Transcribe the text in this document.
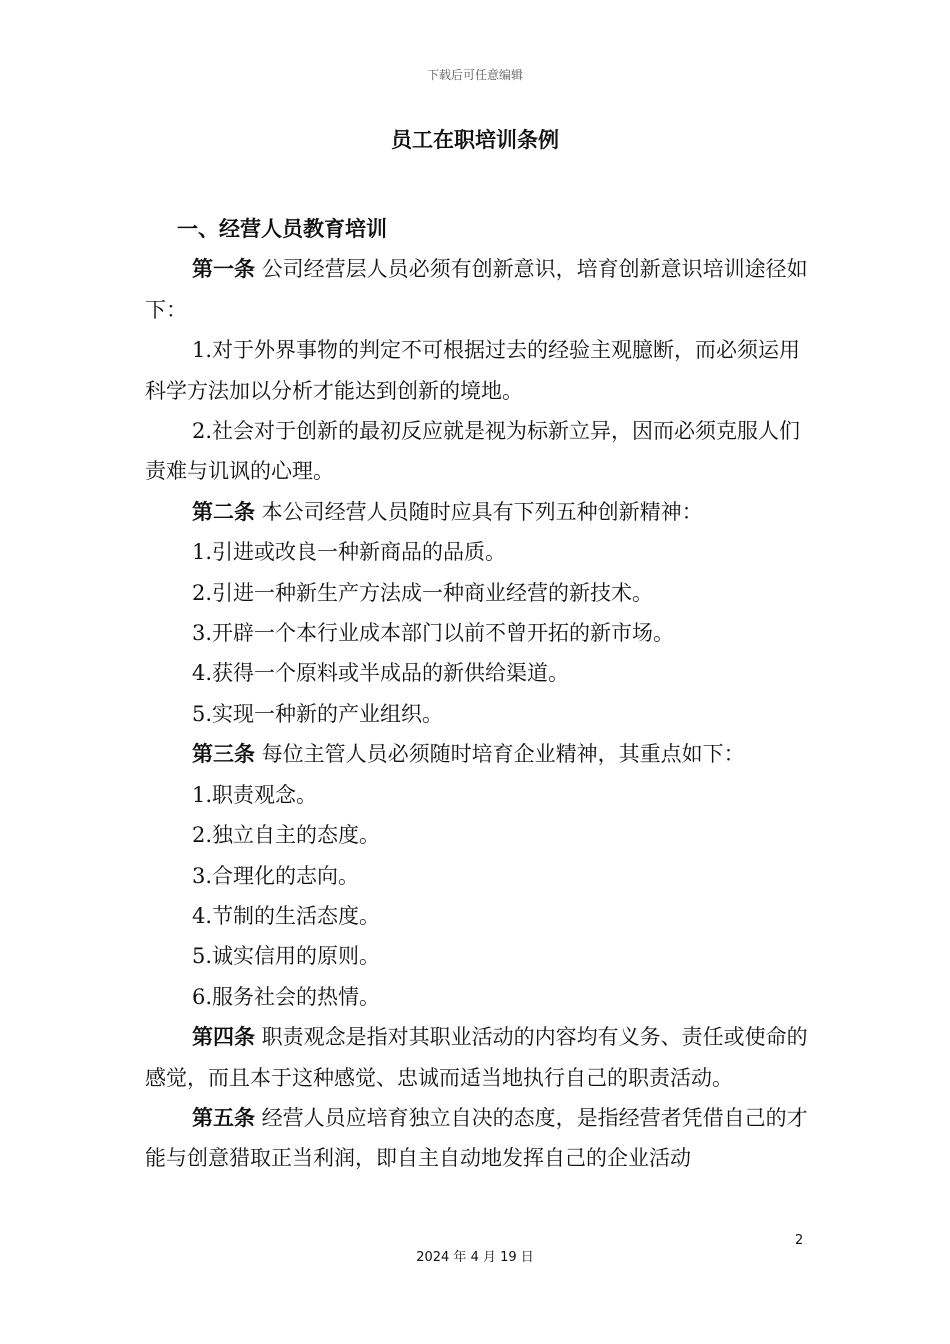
下载后可任意编辑
员工在职培训条例

一、经营人员教育培训

第一条 公司经营层人员必须有创新意识，培育创新意识培训途径如下：

1.对于外界事物的判定不可根据过去的经验主观臆断，而必须运用科学方法加以分析才能达到创新的境地。

2.社会对于创新的最初反应就是视为标新立异，因而必须克服人们责难与讥讽的心理。

第二条 本公司经营人员随时应具有下列五种创新精神：

1.引进或改良一种新商品的品质。

2.引进一种新生产方法成一种商业经营的新技术。

3.开辟一个本行业成本部门以前不曾开拓的新市场。

4.获得一个原料或半成品的新供给渠道。

5.实现一种新的产业组织。

第三条 每位主管人员必须随时培育企业精神，其重点如下：

1.职责观念。

2.独立自主的态度。

3.合理化的志向。

4.节制的生活态度。

5.诚实信用的原则。

6.服务社会的热情。

第四条 职责观念是指对其职业活动的内容均有义务、责任或使命的感觉，而且本于这种感觉、忠诚而适当地执行自己的职责活动。

第五条 经营人员应培育独立自决的态度，是指经营者凭借自己的才能与创意猎取正当利润，即自主自动地发挥自己的企业活动

2
2024 年 4 月 19 日
